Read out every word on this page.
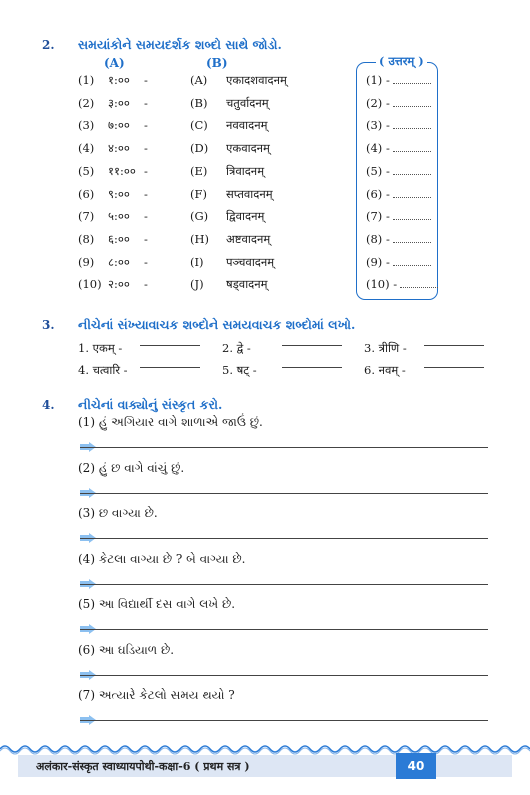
2. સમયાંકોને સમયદર્શક શબ્દો સાથે જોડો.
(A)	(B)	( उत्तरम् )
(1) १:०० -	(A) एकादशवादनम्	(1) -
(2) ३:०० -	(B) चतुर्वादनम्	(2) -
(3) ७:०० -	(C) नववादनम्	(3) -
(4) ४:०० -	(D) एकवादनम्	(4) -
(5) ११:०० -	(E) त्रिवादनम्	(5) -
(6) ९:०० -	(F) सप्तवादनम्	(6) -
(7) ५:०० -	(G) द्विवादनम्	(7) -
(8) ६:०० -	(H) अष्टवादनम्	(8) -
(9) ८:०० -	(I) पञ्चवादनम्	(9) -
(10) २:०० -	(J) षड्वादनम्	(10) -
3. નીચેનાં સંખ્યાવાચક શબ્દોને સમયવાચક શબ્દોમાં લખો.
1. एकम् -	2. द्वे -	3. त्रीणि -
4. चत्वारि -	5. षट् -	6. नवम् -
4. નીચેનાં વાક્યોનું સંસ્કૃત કરો.
(1) હું અગિયાર વાગે શાળાએ જાઉં છું.
(2) હું છ વાગે વાંચું છું.
(3) છ વાગ્યા છે.
(4) કેટલા વાગ્યા છે ? બે વાગ્યા છે.
(5) આ વિદ્યાર્થી દસ વાગે લખે છે.
(6) આ ઘડિયાળ છે.
(7) અત્યારે કેટલો સમય થયો ?
अलंकार-संस्कृत स्वाध्यायपोथी-कक्षा-6 ( प्रथम सत्र )	40
